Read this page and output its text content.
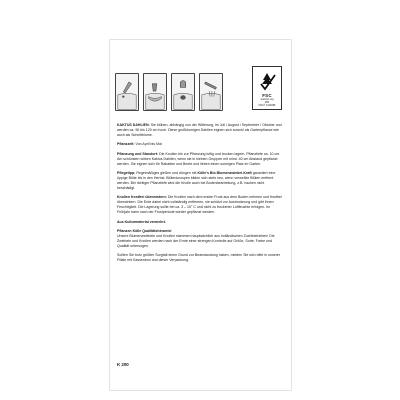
FSC
www.fsc.org
MIX
FSC® C114686

KAKTUS DAHLIEN: Sie blühen, abhängig von der Witterung, im Juli / August / September / Oktober und werden ca. 90 bis 120 cm hoch. Diese großblumigen Dahlien eignen sich sowohl als Gartenpflanze wie auch als Schnittblume.

Pflanzzeit: Von April bis Mai

Pflanzung und Standort: Die Knollen bis zur Pflanzung luftig und trocken lagern. Pflanztiefe ca. 10 cm. Am schönsten wirken Kaktus Dahlien, wenn sie in kleinen Gruppen mit mind. 40 cm Abstand gepflanzt werden. Sie eignen sich für Rabatten und Beete und lieben einen sonnigen Platz im Garten.

Pflegetipp: Regelmäßiges gießen und düngen mit Kölle's Bio Blumenzwiebel-Kraft garantiert eine üppige Blüte bis in den Herbst. Blütenknospen bilden sich stets neu, wenn verwelkte Blüten entfernt werden. Bei richtiger Pflanztiefe wird die Knolle auch bei Bodenbearbeitung, z.B. hacken nicht beschädigt.

Knollen frostfrei überwintern: Die Knollen nach dem ersten Frost aus dem Boden nehmen und frostfrei überwintern. Die Erde dabei nicht vollständig entfernen, sie schützt vor Austrocknung und gibt ihnen Feuchtigkeit. Die Lagerung sollte bei ca. 3 – 10° C und nicht zu trockener Luftfeuchte erfolgen. Im Frühjahr kann nach der Frostperiode wieder gepflanzt werden.

Aus Kulturmaterial vermehrt.

Pflanzen Kölle Qualitätshinweis!
Unsere Blumenzwiebeln und Knollen stammen hauptsächlich aus holländischen Zuchtbetrieben! Die Zwiebeln und Knollen werden nach der Ernte einer strengen Kontrolle auf Größe, Sorte, Farbe und Qualität untersogen.

Sollten Sie trotz größter Sorgfalt einen Grund zur Beanstandung haben, melden Sie sich bitte in unserer Filiale mit Kassenbon und dieser Verpackung.

K 200
